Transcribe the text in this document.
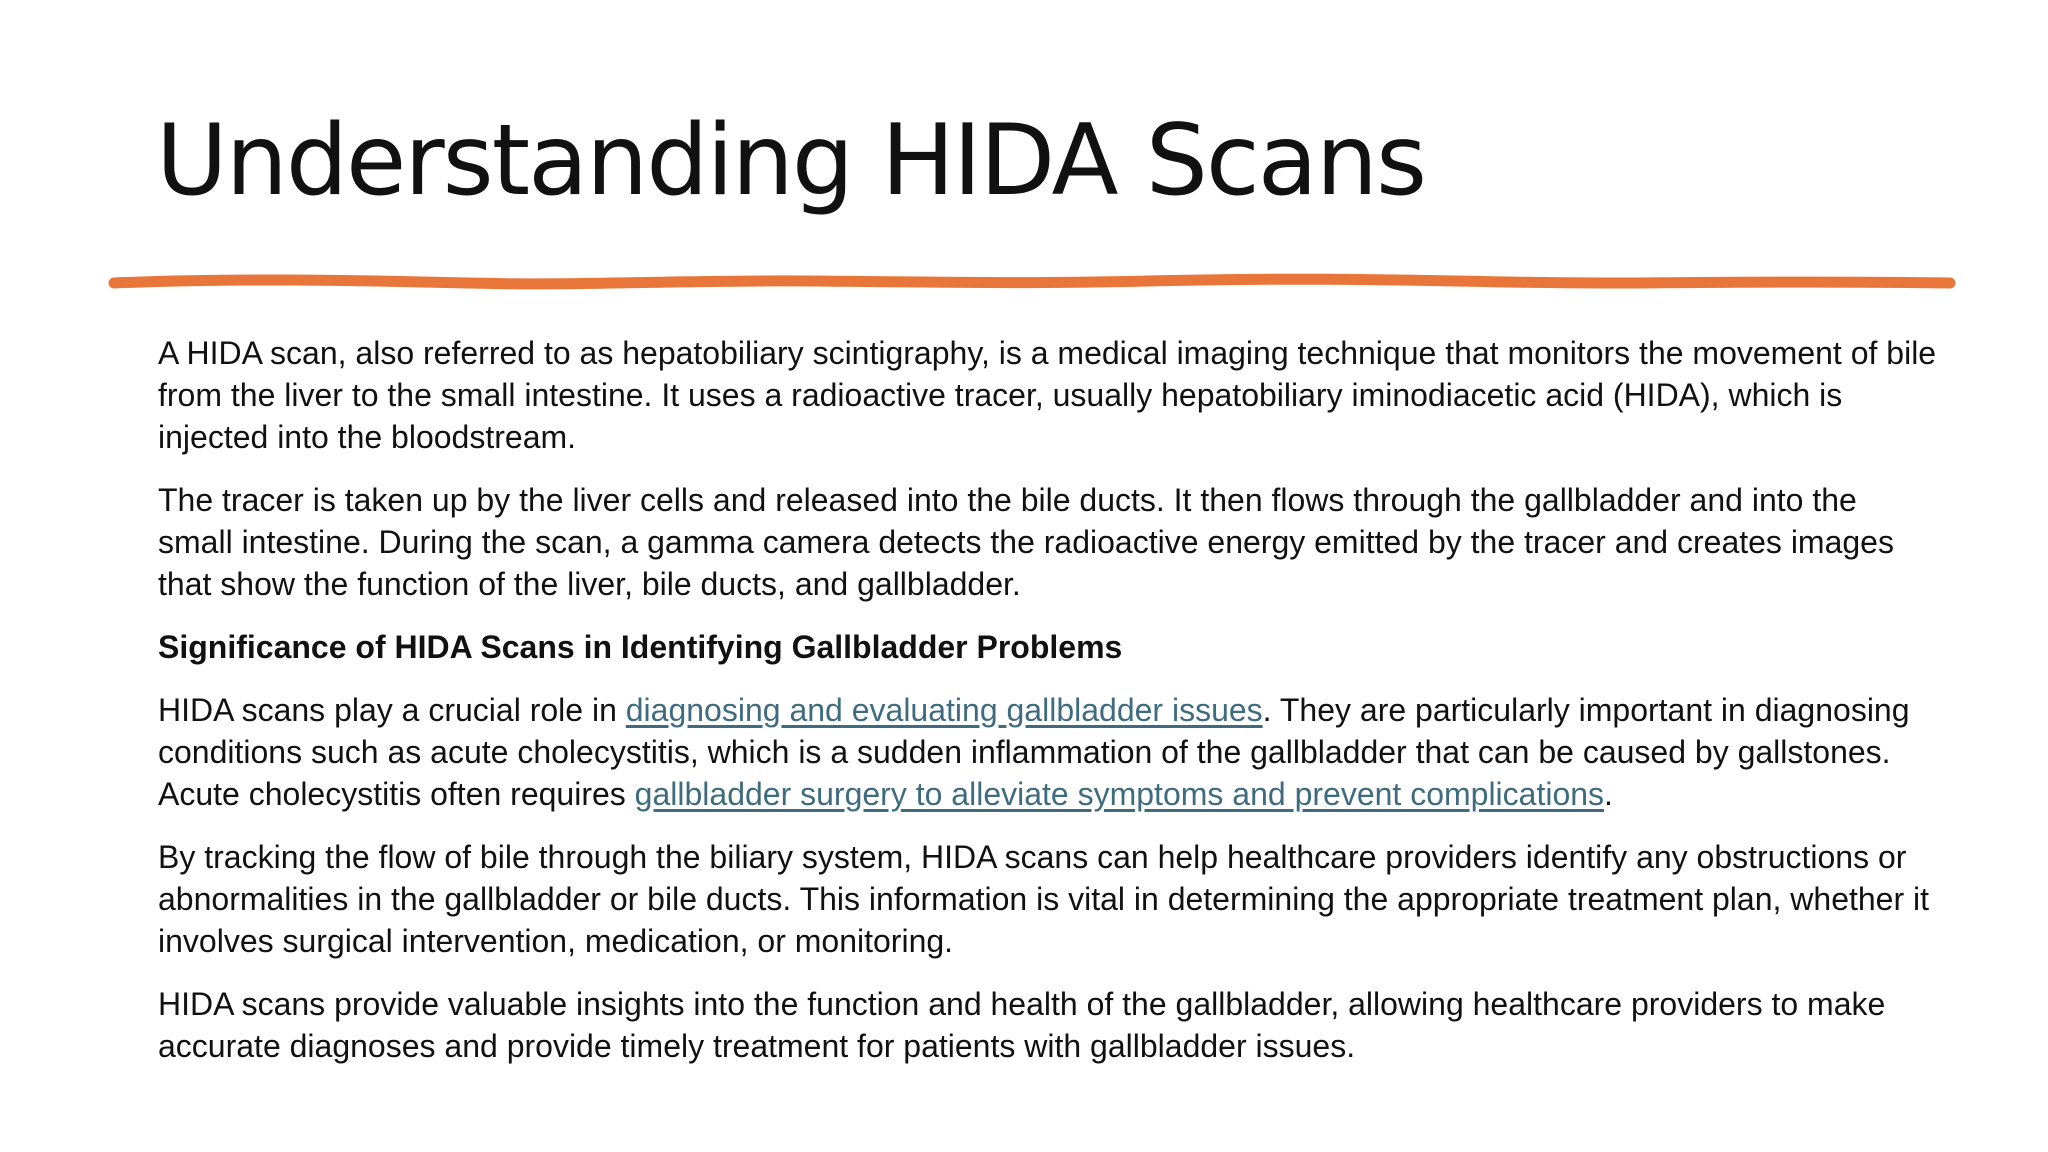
Understanding HIDA Scans

A HIDA scan, also referred to as hepatobiliary scintigraphy, is a medical imaging technique that monitors the movement of bile from the liver to the small intestine. It uses a radioactive tracer, usually hepatobiliary iminodiacetic acid (HIDA), which is injected into the bloodstream.

The tracer is taken up by the liver cells and released into the bile ducts. It then flows through the gallbladder and into the small intestine. During the scan, a gamma camera detects the radioactive energy emitted by the tracer and creates images that show the function of the liver, bile ducts, and gallbladder.

Significance of HIDA Scans in Identifying Gallbladder Problems

HIDA scans play a crucial role in diagnosing and evaluating gallbladder issues. They are particularly important in diagnosing conditions such as acute cholecystitis, which is a sudden inflammation of the gallbladder that can be caused by gallstones. Acute cholecystitis often requires gallbladder surgery to alleviate symptoms and prevent complications.

By tracking the flow of bile through the biliary system, HIDA scans can help healthcare providers identify any obstructions or abnormalities in the gallbladder or bile ducts. This information is vital in determining the appropriate treatment plan, whether it involves surgical intervention, medication, or monitoring.

HIDA scans provide valuable insights into the function and health of the gallbladder, allowing healthcare providers to make accurate diagnoses and provide timely treatment for patients with gallbladder issues.
